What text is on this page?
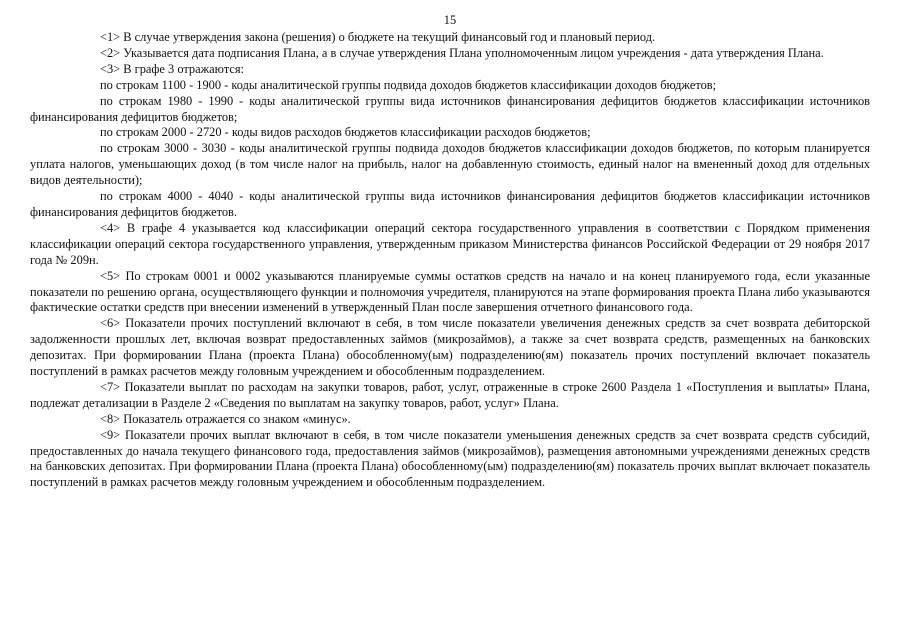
15

<1> В случае утверждения закона (решения) о бюджете на текущий финансовый год и плановый период.

<2> Указывается дата подписания Плана, а в случае утверждения Плана уполномоченным лицом учреждения - дата утверждения Плана.

<3> В графе 3 отражаются:

по строкам 1100 - 1900 - коды аналитической группы подвида доходов бюджетов классификации доходов бюджетов;

по строкам 1980 - 1990 - коды аналитической группы вида источников финансирования дефицитов бюджетов классификации источников финансирования дефицитов бюджетов;

по строкам 2000 - 2720 - коды видов расходов бюджетов классификации расходов бюджетов;

по строкам 3000 - 3030 - коды аналитической группы подвида доходов бюджетов классификации доходов бюджетов, по которым планируется уплата налогов, уменьшающих доход (в том числе налог на прибыль, налог на добавленную стоимость, единый налог на вмененный доход для отдельных видов деятельности);

по строкам 4000 - 4040 - коды аналитической группы вида источников финансирования дефицитов бюджетов классификации источников финансирования дефицитов бюджетов.

<4> В графе 4 указывается код классификации операций сектора государственного управления в соответствии с Порядком применения классификации операций сектора государственного управления, утвержденным приказом Министерства финансов Российской Федерации от 29 ноября 2017 года № 209н.

<5> По строкам 0001 и 0002 указываются планируемые суммы остатков средств на начало и на конец планируемого года, если указанные показатели по решению органа, осуществляющего функции и полномочия учредителя, планируются на этапе формирования проекта Плана либо указываются фактические остатки средств при внесении изменений в утвержденный План после завершения отчетного финансового года.

<6> Показатели прочих поступлений включают в себя, в том числе показатели увеличения денежных средств за счет возврата дебиторской задолженности прошлых лет, включая возврат предоставленных займов (микрозаймов), а также за счет возврата средств, размещенных на банковских депозитах. При формировании Плана (проекта Плана) обособленному(ым) подразделению(ям) показатель прочих поступлений включает показатель поступлений в рамках расчетов между головным учреждением и обособленным подразделением.

<7> Показатели выплат по расходам на закупки товаров, работ, услуг, отраженные в строке 2600 Раздела 1 «Поступления и выплаты» Плана, подлежат детализации в Разделе 2 «Сведения по выплатам на закупку товаров, работ, услуг» Плана.

<8> Показатель отражается со знаком «минус».

<9> Показатели прочих выплат включают в себя, в том числе показатели уменьшения денежных средств за счет возврата средств субсидий, предоставленных до начала текущего финансового года, предоставления займов (микрозаймов), размещения автономными учреждениями денежных средств на банковских депозитах. При формировании Плана (проекта Плана) обособленному(ым) подразделению(ям) показатель прочих выплат включает показатель поступлений в рамках расчетов между головным учреждением и обособленным подразделением.
